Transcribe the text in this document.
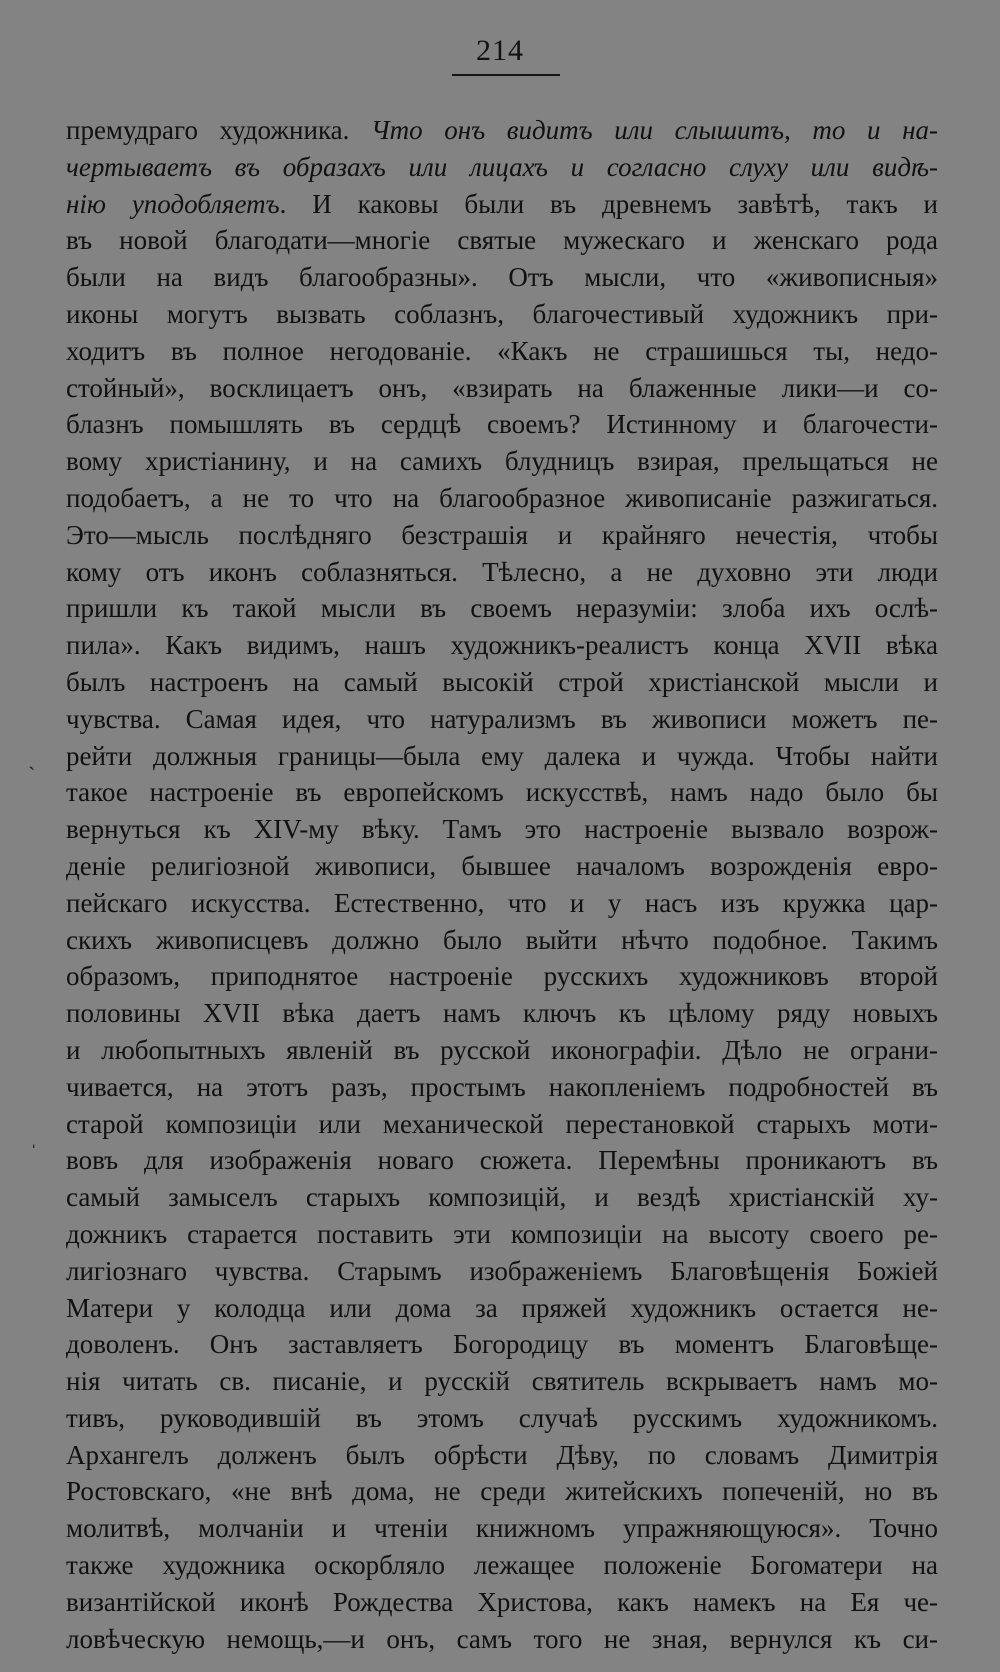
214
ˎ
ˈ
премудраго художника. Что онъ видитъ или слышитъ, то и на-
чертываетъ въ образахъ или лицахъ и согласно слуху или видѣ-
нію уподобляетъ. И каковы были въ древнемъ завѣтѣ, такъ и
въ новой благодати—многіе святые мужескаго и женскаго рода
были на видъ благообразны». Отъ мысли, что «живописныя»
иконы могутъ вызвать соблазнъ, благочестивый художникъ при-
ходитъ въ полное негодованіе. «Какъ не страшишься ты, недо-
стойный», восклицаетъ онъ, «взирать на блаженные лики—и со-
блазнъ помышлять въ сердцѣ своемъ? Истинному и благочести-
вому христіанину, и на самихъ блудницъ взирая, прельщаться не
подобаетъ, а не то что на благообразное живописаніе разжигаться.
Это—мысль послѣдняго безстрашія и крайняго нечестія, чтобы
кому отъ иконъ соблазняться. Тѣлесно, а не духовно эти люди
пришли къ такой мысли въ своемъ неразуміи: злоба ихъ ослѣ-
пила». Какъ видимъ, нашъ художникъ-реалистъ конца XVII вѣка
былъ настроенъ на самый высокій строй христіанской мысли и
чувства. Самая идея, что натурализмъ въ живописи можетъ пе-
рейти должныя границы—была ему далека и чужда. Чтобы найти
такое настроеніе въ европейскомъ искусствѣ, намъ надо было бы
вернуться къ XIV-му вѣку. Тамъ это настроеніе вызвало возрож-
деніе религіозной живописи, бывшее началомъ возрожденія евро-
пейскаго искусства. Естественно, что и у насъ изъ кружка цар-
скихъ живописцевъ должно было выйти нѣчто подобное. Такимъ
образомъ, приподнятое настроеніе русскихъ художниковъ второй
половины XVII вѣка даетъ намъ ключъ къ цѣлому ряду новыхъ
и любопытныхъ явленій въ русской иконографіи. Дѣло не ограни-
чивается, на этотъ разъ, простымъ накопленіемъ подробностей въ
старой композиціи или механической перестановкой старыхъ моти-
вовъ для изображенія новаго сюжета. Перемѣны проникаютъ въ
самый замыселъ старыхъ композицій, и вездѣ христіанскій ху-
дожникъ старается поставить эти композиціи на высоту своего ре-
лигіознаго чувства. Старымъ изображеніемъ Благовѣщенія Божіей
Матери у колодца или дома за пряжей художникъ остается не-
доволенъ. Онъ заставляетъ Богородицу въ моментъ Благовѣще-
нія читать св. писаніе, и русскій святитель вскрываетъ намъ мо-
тивъ, руководившій въ этомъ случаѣ русскимъ художникомъ.
Архангелъ долженъ былъ обрѣсти Дѣву, по словамъ Димитрія
Ростовскаго, «не внѣ дома, не среди житейскихъ попеченій, но въ
молитвѣ, молчаніи и чтеніи книжномъ упражняющуюся». Точно
также художника оскорбляло лежащее положеніе Богоматери на
византійской иконѣ Рождества Христова, какъ намекъ на Ея че-
ловѣческую немощь,—и онъ, самъ того не зная, вернулся къ си-
